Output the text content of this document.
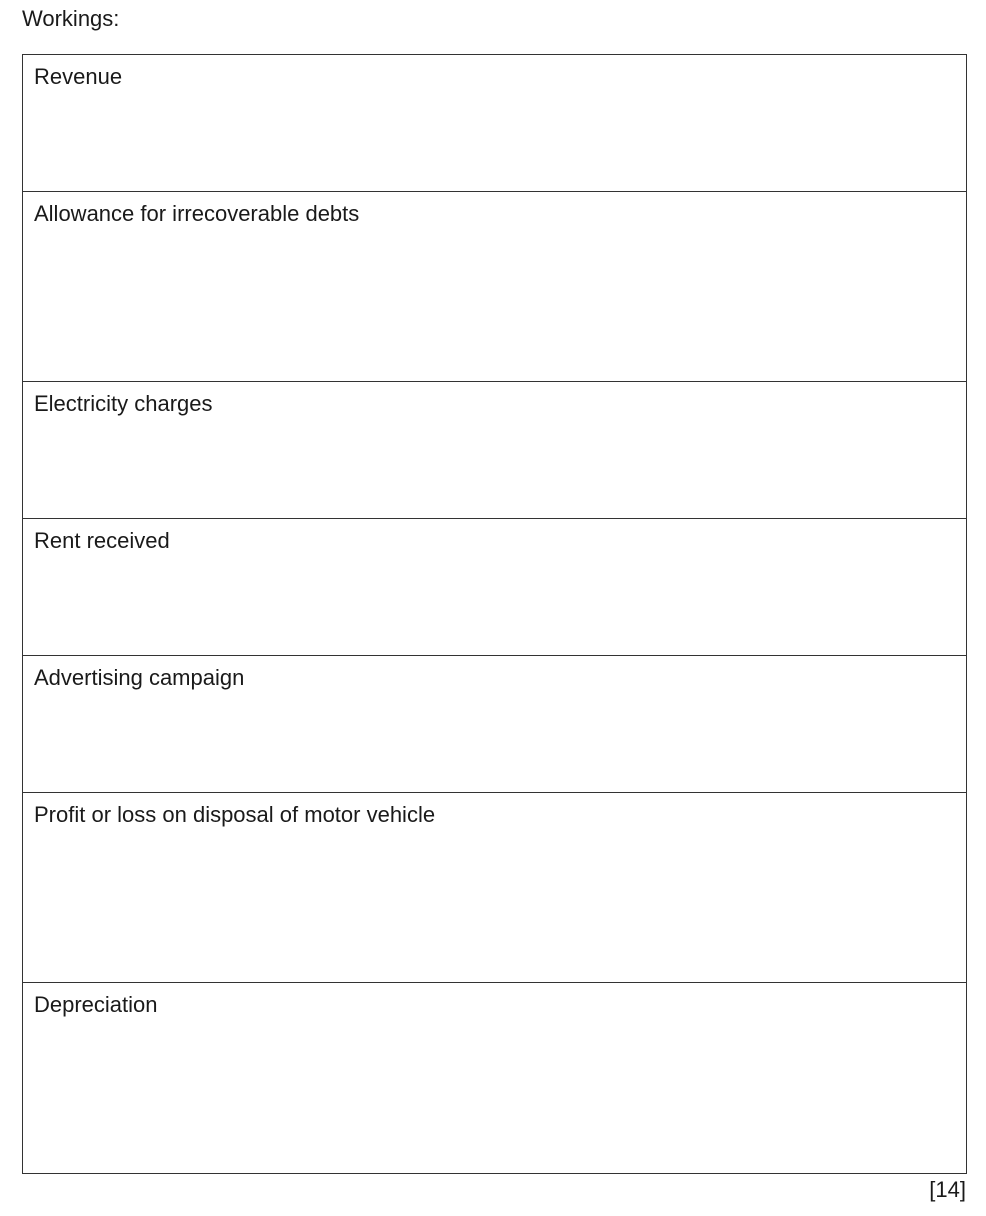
Workings:
Revenue
Allowance for irrecoverable debts
Electricity charges
Rent received
Advertising campaign
Profit or loss on disposal of motor vehicle
Depreciation
[14]
